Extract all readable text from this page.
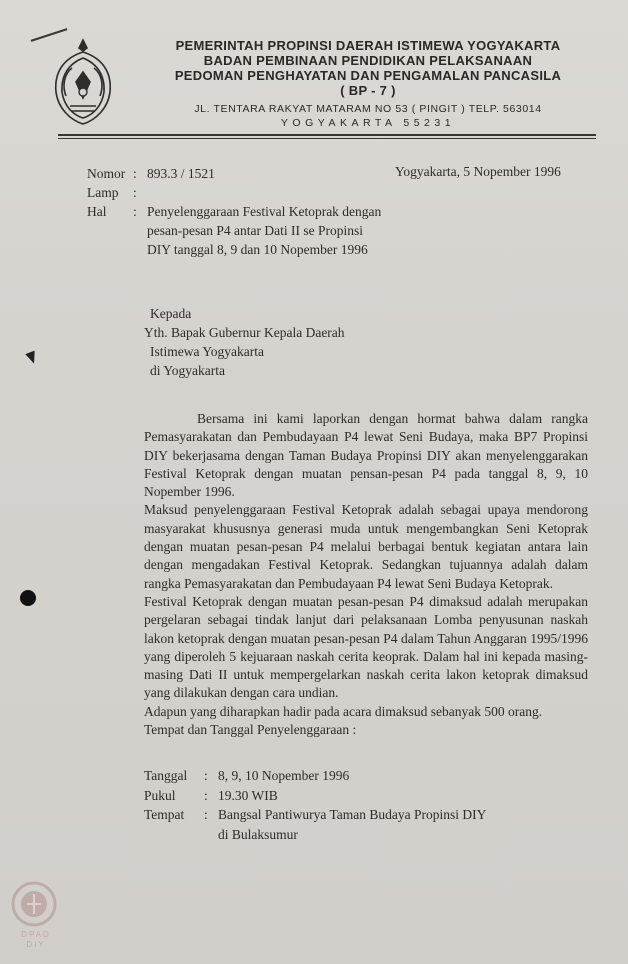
PEMERINTAH PROPINSI DAERAH ISTIMEWA YOGYAKARTA
BADAN PEMBINAAN PENDIDIKAN PELAKSANAAN
PEDOMAN PENGHAYATAN DAN PENGAMALAN PANCASILA
( BP - 7 )
JL. TENTARA RAKYAT MATARAM NO 53 ( PINGIT ) TELP. 563014
YOGYAKARTA 55231
Nomor : 893.3 / 1521
Lamp	:
Hal	: Penyelenggaraan Festival Ketoprak dengan pesan-pesan P4 antar Dati II se Propinsi DIY tanggal 8, 9 dan 10 Nopember 1996
Yogyakarta, 5 Nopember 1996
Kepada
Yth. Bapak Gubernur Kepala Daerah
Istimewa Yogyakarta
di Yogyakarta

Bersama ini kami laporkan dengan hormat bahwa dalam rangka Pemasyarakatan dan Pembudayaan P4 lewat Seni Budaya, maka BP7 Propinsi DIY bekerjasama dengan Taman Budaya Propinsi DIY akan menyelenggarakan Festival Ketoprak dengan muatan pensan-pesan P4 pada tanggal 8, 9, 10 Nopember 1996.

Maksud penyelenggaraan Festival Ketoprak adalah sebagai upaya mendorong masyarakat khususnya generasi muda untuk mengembangkan Seni Ketoprak dengan muatan pesan-pesan P4 melalui berbagai bentuk kegiatan antara lain dengan mengadakan Festival Ketoprak. Sedangkan tujuannya adalah dalam rangka Pemasyarakatan dan Pembudayaan P4 lewat Seni Budaya Ketoprak.

Festival Ketoprak dengan muatan pesan-pesan P4 dimaksud adalah merupakan pergelaran sebagai tindak lanjut dari pelaksanaan Lomba penyusunan naskah lakon ketoprak dengan muatan pesan-pesan P4 dalam Tahun Anggaran 1995/1996 yang diperoleh 5 kejuaraan naskah cerita keoprak. Dalam hal ini kepada masing-masing Dati II untuk mempergelarkan naskah cerita lakon ketoprak dimaksud yang dilakukan dengan cara undian.

Adapun yang diharapkan hadir pada acara dimaksud sebanyak 500 orang.

Tempat dan Tanggal Penyelenggaraan :

Tanggal	: 8, 9, 10 Nopember 1996
Pukul	: 19.30 WIB
Tempat	: Bangsal Pantiwurya Taman Budaya Propinsi DIY
di Bulaksumur
DPAD
DIY
